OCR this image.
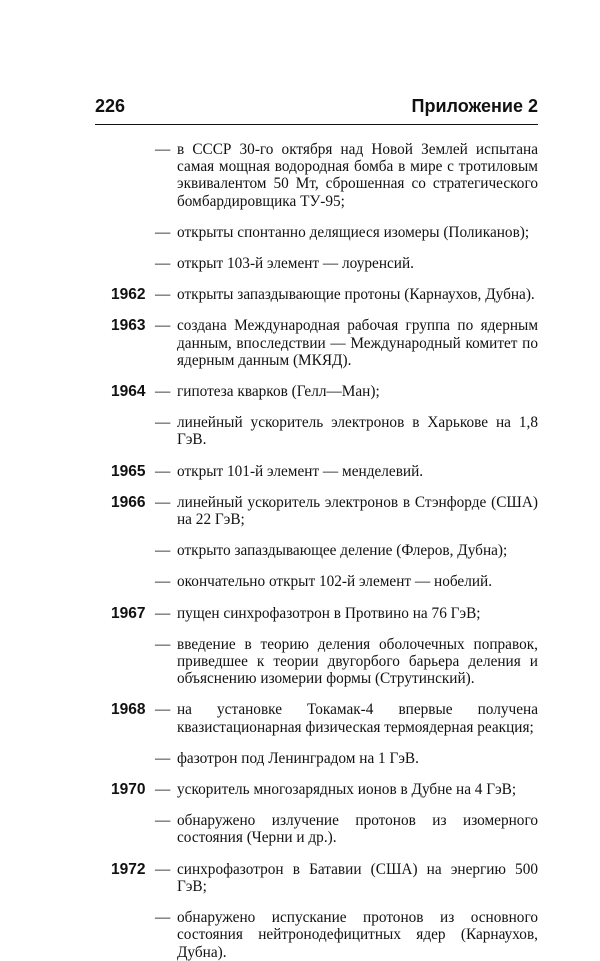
226	Приложение 2
— в СССР 30-го октября над Новой Землей испытана самая мощная водородная бомба в мире с тротиловым эквивалентом 50 Мт, сброшенная со стратегического бомбардировщика ТУ-95;
— открыты спонтанно делящиеся изомеры (Поликанов);
— открыт 103-й элемент — лоуренсий.
1962 — открыты запаздывающие протоны (Карнаухов, Дубна).
1963 — создана Международная рабочая группа по ядерным данным, впоследствии — Международный комитет по ядерным данным (МКЯД).
1964 — гипотеза кварков (Гелл—Ман);
— линейный ускоритель электронов в Харькове на 1,8 ГэВ.
1965 — открыт 101-й элемент — менделевий.
1966 — линейный ускоритель электронов в Стэнфорде (США) на 22 ГэВ;
— открыто запаздывающее деление (Флеров, Дубна);
— окончательно открыт 102-й элемент — нобелий.
1967 — пущен синхрофазотрон в Протвино на 76 ГэВ;
— введение в теорию деления оболочечных поправок, приведшее к теории двугорбого барьера деления и объяснению изомерии формы (Струтинский).
1968 — на установке Токамак-4 впервые получена квазистационарная физическая термоядерная реакция;
— фазотрон под Ленинградом на 1 ГэВ.
1970 — ускоритель многозарядных ионов в Дубне на 4 ГэВ;
— обнаружено излучение протонов из изомерного состояния (Черни и др.).
1972 — синхрофазотрон в Батавии (США) на энергию 500 ГэВ;
— обнаружено испускание протонов из основного состояния нейтронодефицитных ядер (Карнаухов, Дубна).
